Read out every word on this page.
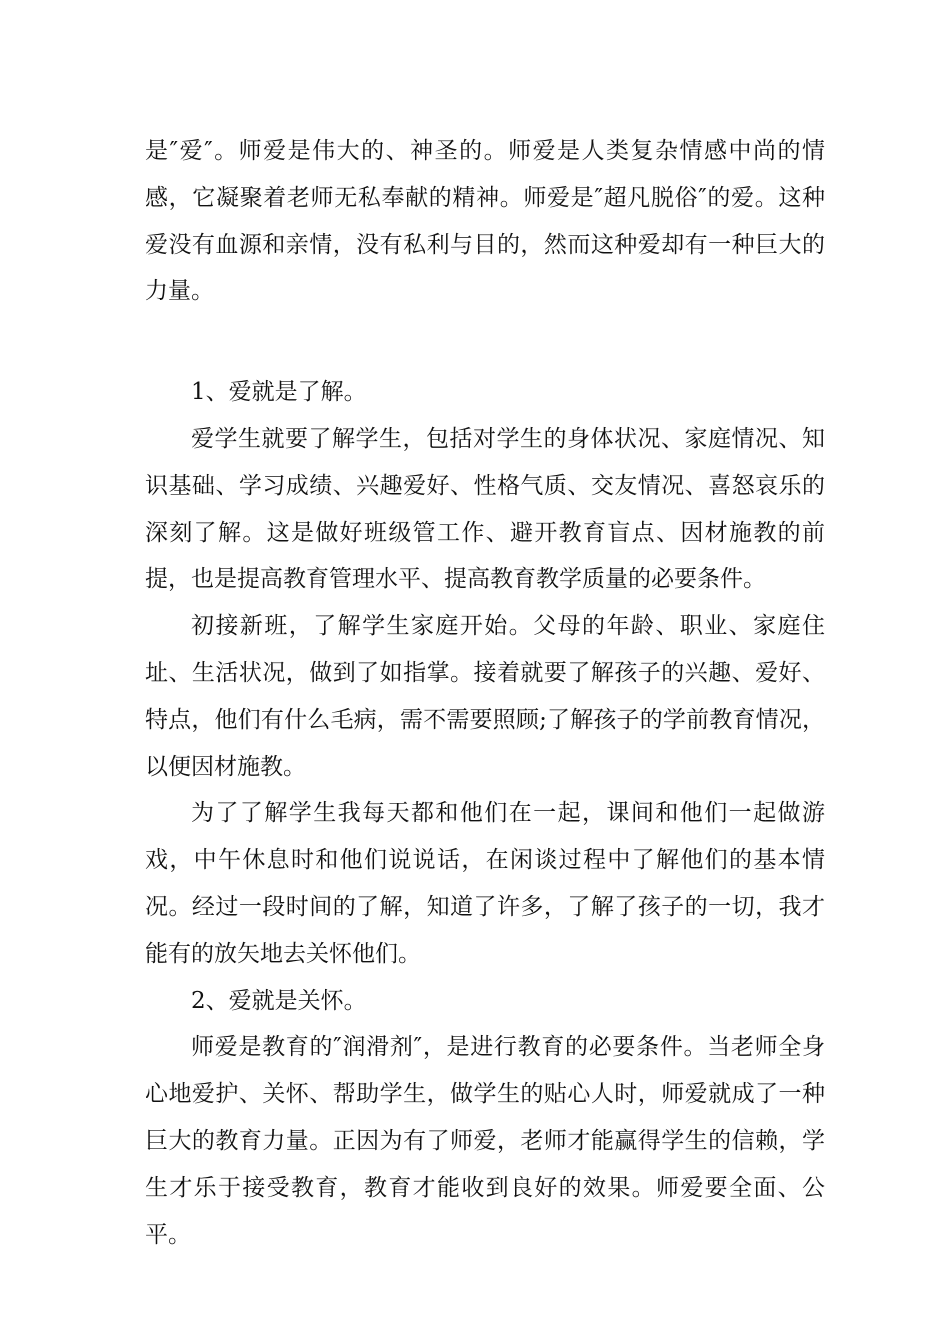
是″爱″。师爱是伟大的、神圣的。师爱是人类复杂情感中尚的情感，它凝聚着老师无私奉献的精神。师爱是″超凡脱俗″的爱。这种爱没有血源和亲情，没有私利与目的，然而这种爱却有一种巨大的力量。

1、爱就是了解。

爱学生就要了解学生，包括对学生的身体状况、家庭情况、知识基础、学习成绩、兴趣爱好、性格气质、交友情况、喜怒哀乐的深刻了解。这是做好班级管工作、避开教育盲点、因材施教的前提，也是提高教育管理水平、提高教育教学质量的必要条件。

初接新班，了解学生家庭开始。父母的年龄、职业、家庭住址、生活状况，做到了如指掌。接着就要了解孩子的兴趣、爱好、特点，他们有什么毛病，需不需要照顾;了解孩子的学前教育情况，以便因材施教。

为了了解学生我每天都和他们在一起，课间和他们一起做游戏，中午休息时和他们说说话，在闲谈过程中了解他们的基本情况。经过一段时间的了解，知道了许多，了解了孩子的一切，我才能有的放矢地去关怀他们。

2、爱就是关怀。

师爱是教育的″润滑剂″，是进行教育的必要条件。当老师全身心地爱护、关怀、帮助学生，做学生的贴心人时，师爱就成了一种巨大的教育力量。正因为有了师爱，老师才能赢得学生的信赖，学生才乐于接受教育，教育才能收到良好的效果。师爱要全面、公平。
